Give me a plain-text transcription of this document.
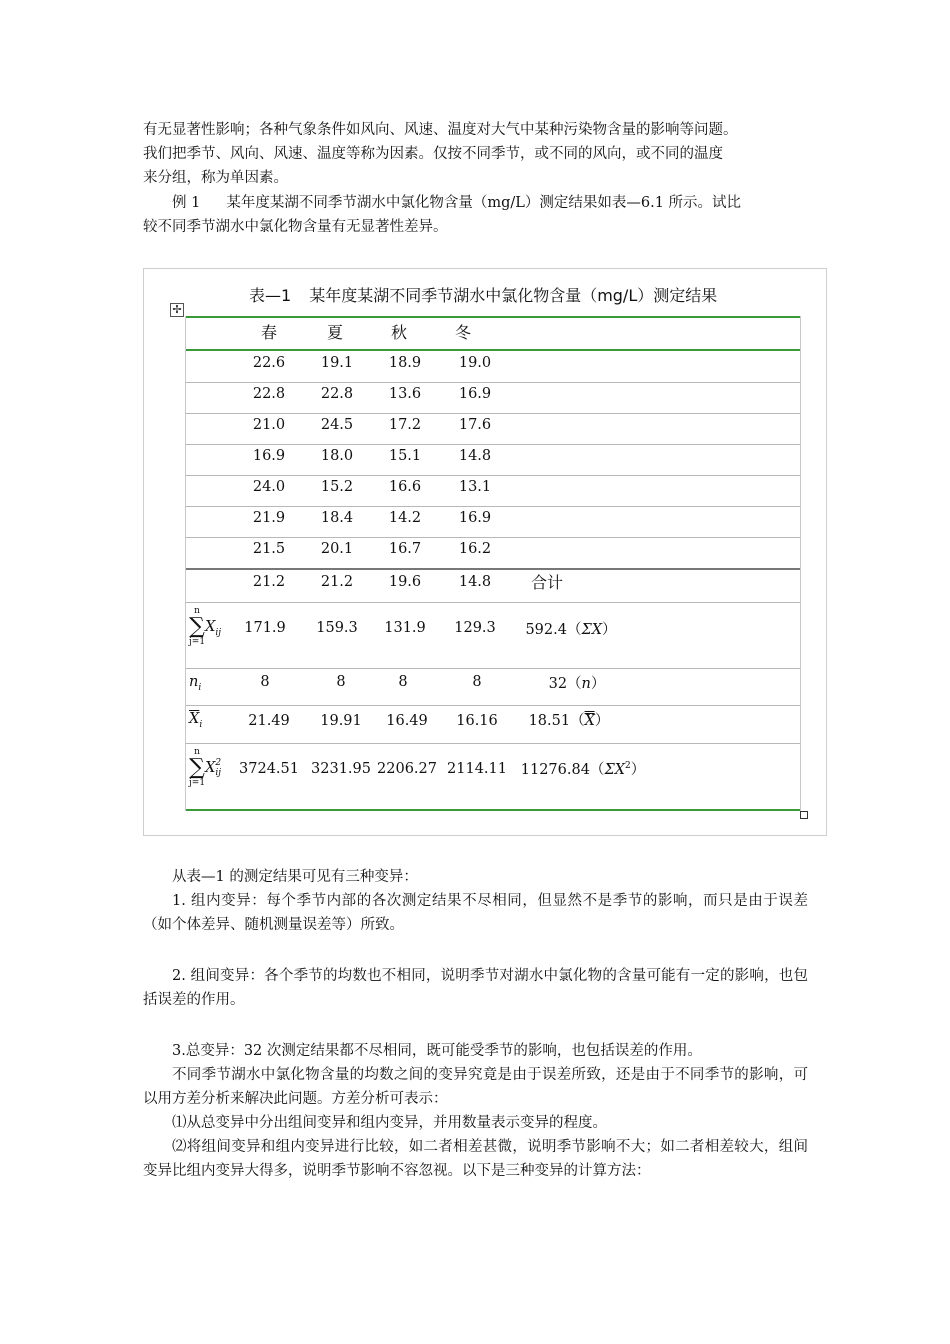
有无显著性影响；各种气象条件如风向、风速、温度对大气中某种污染物含量的影响等问题。

我们把季节、风向、风速、温度等称为因素。仅按不同季节，或不同的风向，或不同的温度

来分组，称为单因素。

例 1 某年度某湖不同季节湖水中氯化物含量（mg/L）测定结果如表—6.1 所示。试比

较不同季节湖水中氯化物含量有无显著性差异。

表—1 某年度某湖不同季节湖水中氯化物含量（mg/L）测定结果
✢
春	夏	秋	冬
22.6 19.1 18.9	19.0
22.8 22.8 13.6	16.9
21.0 24.5 17.2	17.6
16.9 18.0 15.1	14.8
24.0 15.2 16.6	13.1
21.9 18.4 14.2	16.9
21.5 20.1 16.7	16.2
21.2 21.2 19.6	14.8 合计
n
∑
$j=1X_{ij}$ 171.9 159.3 131.9 129.3 592.4（ΣX）
$n_i$	8	8	8	8	32（n）
$\overline{X}_i$	21.49 19.91 16.49 16.16 18.51（X）
n
∑
j=1X 2
ij 3724.51 3231.95 2206.27 2114.11 $11276.84(\Sigma X^2)$

从表—1 的测定结果可见有三种变异：

1. 组内变异：每个季节内部的各次测定结果不尽相同，但显然不是季节的影响，而只是由于误差（如个体差异、随机测量误差等）所致。

2. 组间变异：各个季节的均数也不相同，说明季节对湖水中氯化物的含量可能有一定的影响，也包括误差的作用。

3.总变异：32 次测定结果都不尽相同，既可能受季节的影响，也包括误差的作用。

不同季节湖水中氯化物含量的均数之间的变异究竟是由于误差所致，还是由于不同季节的影响，可以用方差分析来解决此问题。方差分析可表示：

⑴从总变异中分出组间变异和组内变异，并用数量表示变异的程度。

⑵将组间变异和组内变异进行比较，如二者相差甚微，说明季节影响不大；如二者相差较大，组间变异比组内变异大得多，说明季节影响不容忽视。以下是三种变异的计算方法：
